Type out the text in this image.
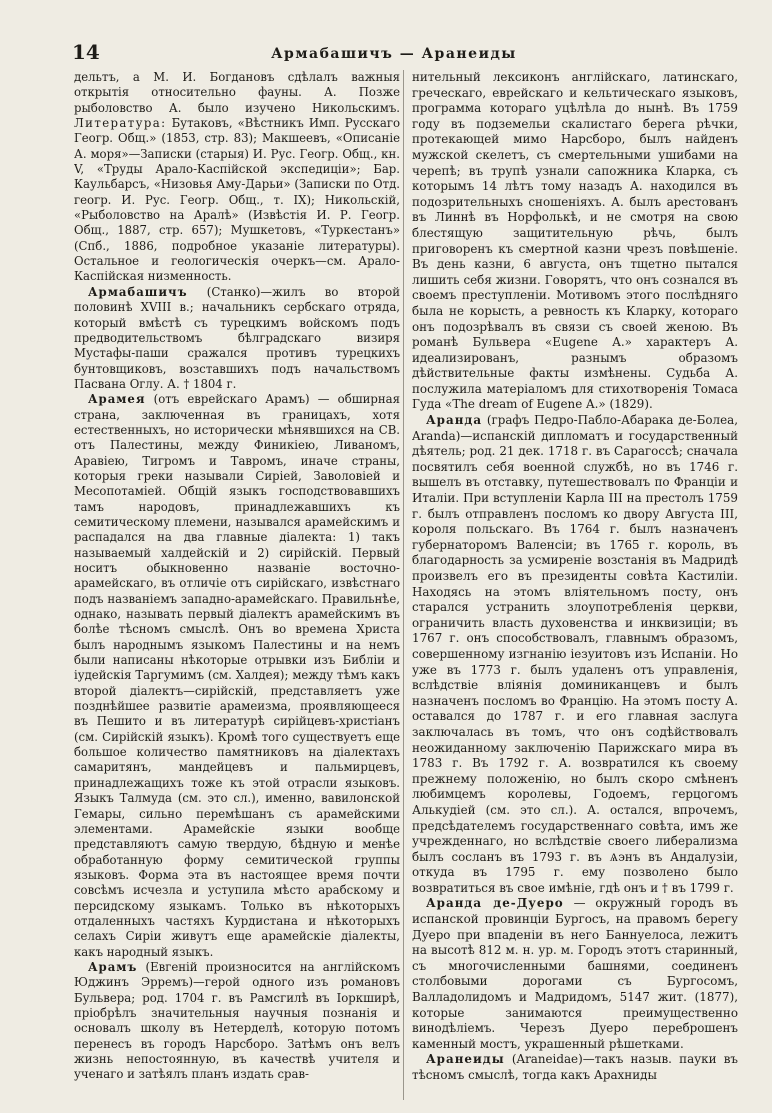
14	Армабашичъ — Аранеиды

дельтъ, а М. И. Богдановъ сдѣлалъ важныя открытія относительно фауны. А. Позже рыболовство А. было изучено Никольскимъ. Литература: Бутаковъ, «Вѣстникъ Имп. Русскаго Геогр. Общ.» (1853, стр. 83); Макшеевъ, «Описаніе А. моря»—Записки (старыя) И. Рус. Геогр. Общ., кн. V, «Труды Арало-Каспійской экспедиціи»; Бар. Каульбарсъ, «Низовья Аму-Дарьи» (Записки по Отд. геогр. И. Рус. Геогр. Общ., т. IX); Никольскій, «Рыболовство на Аралѣ» (Извѣстія И. Р. Геогр. Общ., 1887, стр. 657); Мушкетовъ, «Туркестанъ» (Спб., 1886, подробное указаніе литературы). Остальное и геологическія очеркъ—см. Арало-Каспійская низменность.

Армабашичъ (Станко)—жилъ во второй половинѣ XVIII в.; начальникъ сербскаго отряда, который вмѣстѣ съ турецкимъ войскомъ подъ предводительствомъ бѣлградскаго визиря Мустафы-паши сражался противъ турецкихъ бунтовщиковъ, возставшихъ подъ начальствомъ Пасвана Оглу. А. † 1804 г.

Арамея (отъ еврейскаго Арамъ) — обширная страна, заключенная въ границахъ, хотя естественныхъ, но исторически мѣнявшихся на СВ. отъ Палестины, между Финикіею, Ливаномъ, Аравіею, Тигромъ и Тавромъ, иначе страны, которыя греки называли Сиріей, Заволовіей и Месопотаміей. Общій языкъ господствовавшихъ тамъ народовъ, принадлежавшихъ къ семитическому племени, назывался арамейскимъ и распадался на два главные діалекта: 1) такъ называемый халдейскій и 2) сирійскій. Первый носитъ обыкновенно названіе восточно-арамейскаго, въ отличіе отъ сирійскаго, извѣстнаго подъ названіемъ западно-арамейскаго. Правильнѣе, однако, называть первый діалектъ арамейскимъ въ болѣе тѣсномъ смыслѣ. Онъ во времена Христа былъ народнымъ языкомъ Палестины и на немъ были написаны нѣкоторые отрывки изъ Библіи и іудейскія Таргумимъ (см. Халдея); между тѣмъ какъ второй діалектъ—сирійскій, представляетъ уже позднѣйшее развитіе арамеизма, проявляющееся въ Пешито и въ литературѣ сирійцевъ-христіанъ (см. Сирійскій языкъ). Кромѣ того существуетъ еще большое количество памятниковъ на діалектахъ самаритянъ, мандейцевъ и пальмирцевъ, принадлежащихъ тоже къ этой отрасли языковъ. Языкъ Талмуда (см. это сл.), именно, вавилонской Гемары, сильно перемѣшанъ съ арамейскими элементами. Арамейскіе языки вообще представляютъ самую твердую, бѣдную и менѣе обработанную форму семитической группы языковъ. Форма эта въ настоящее время почти совсѣмъ исчезла и уступила мѣсто арабскому и персидскому языкамъ. Только въ нѣкоторыхъ отдаленныхъ частяхъ Курдистана и нѣкоторыхъ селахъ Сиріи живутъ еще арамейскіе діалекты, какъ народный языкъ.

Арамъ (Евгеній произносится на англійскомъ Юджинъ Эрремъ)—герой одного изъ романовъ Бульвера; род. 1704 г. въ Рамсгилѣ въ Іоркширѣ, пріобрѣлъ значительныя научныя познанія и основалъ школу въ Нетерделѣ, которую потомъ перенесъ въ городъ Нарсборо. Затѣмъ онъ велъ жизнь непостоянную, въ качествѣ учителя и ученаго и затѣялъ планъ издать срав-

нительный лексиконъ англійскаго, латинскаго, греческаго, еврейскаго и кельтическаго языковъ, программа котораго уцѣлѣла до нынѣ. Въ 1759 году въ подземельи скалистаго берега рѣчки, протекающей мимо Нарсборо, былъ найденъ мужской скелетъ, съ смертельными ушибами на черепѣ; въ трупѣ узнали сапожника Кларка, съ которымъ 14 лѣтъ тому назадъ А. находился въ подозрительныхъ сношеніяхъ. А. былъ арестованъ въ Линнѣ въ Норфолькѣ, и не смотря на свою блестящую защитительную рѣчь, былъ приговоренъ къ смертной казни чрезъ повѣшеніе. Въ день казни, 6 августа, онъ тщетно пытался лишить себя жизни. Говорятъ, что онъ сознался въ своемъ преступленіи. Мотивомъ этого послѣдняго была не корысть, а ревность къ Кларку, котораго онъ подозрѣвалъ въ связи съ своей женою. Въ романѣ Бульвера «Eugene A.» характеръ А. идеализированъ, разнымъ образомъ дѣйствительные факты измѣнены. Судьба А. послужила матеріаломъ для стихотворенія Томаса Гуда «The dream of Eugene A.» (1829).

Аранда (графъ Педро-Пабло-Абарака де-Болеа, Aranda)—испанскій дипломатъ и государственный дѣятель; род. 21 дек. 1718 г. въ Сарагоссѣ; сначала посвятилъ себя военной службѣ, но въ 1746 г. вышелъ въ отставку, путешествовалъ по Франціи и Италіи. При вступленіи Карла III на престолъ 1759 г. былъ отправленъ посломъ ко двору Августа III, короля польскаго. Въ 1764 г. былъ назначенъ губернаторомъ Валенсіи; въ 1765 г. король, въ благодарность за усмиреніе возстанія въ Мадридѣ произвелъ его въ президенты совѣта Кастиліи. Находясь на этомъ вліятельномъ посту, онъ старался устранить злоупотребленія церкви, ограничить власть духовенства и инквизиціи; въ 1767 г. онъ способствовалъ, главнымъ образомъ, совершенному изгнанію іезуитовъ изъ Испаніи. Но уже въ 1773 г. былъ удаленъ отъ управленія, вслѣдствіе вліянія доминиканцевъ и былъ назначенъ посломъ во Францію. На этомъ посту А. оставался до 1787 г. и его главная заслуга заключалась въ томъ, что онъ содѣйствовалъ неожиданному заключенію Парижскаго мира въ 1783 г. Въ 1792 г. А. возвратился къ своему прежнему положенію, но былъ скоро смѣненъ любимцемъ королевы, Годоемъ, герцогомъ Алькудіей (см. это сл.). А. остался, впрочемъ, предсѣдателемъ государственнаго совѣта, имъ же учрежденнаго, но вслѣдствіе своего либерализма былъ сосланъ въ 1793 г. въ Ѧэнъ въ Андалузіи, откуда въ 1795 г. ему позволено было возвратиться въ свое имѣніе, гдѣ онъ и † въ 1799 г.

Аранда де-Дуеро — окружный городъ въ испанской провинціи Бургосъ, на правомъ берегу Дуеро при впаденіи въ него Баннуелоса, лежитъ на высотѣ 812 м. н. ур. м. Городъ этотъ старинный, съ многочисленными башнями, соединенъ столбовыми дорогами съ Бургосомъ, Валладолидомъ и Мадридомъ, 5147 жит. (1877), которые занимаются преимущественно винодѣліемъ. Черезъ Дуеро переброшенъ каменный мостъ, украшенный рѣшетками.

Аранеиды (Araneidae)—такъ назыв. пауки въ тѣсномъ смыслѣ, тогда какъ Арахниды
